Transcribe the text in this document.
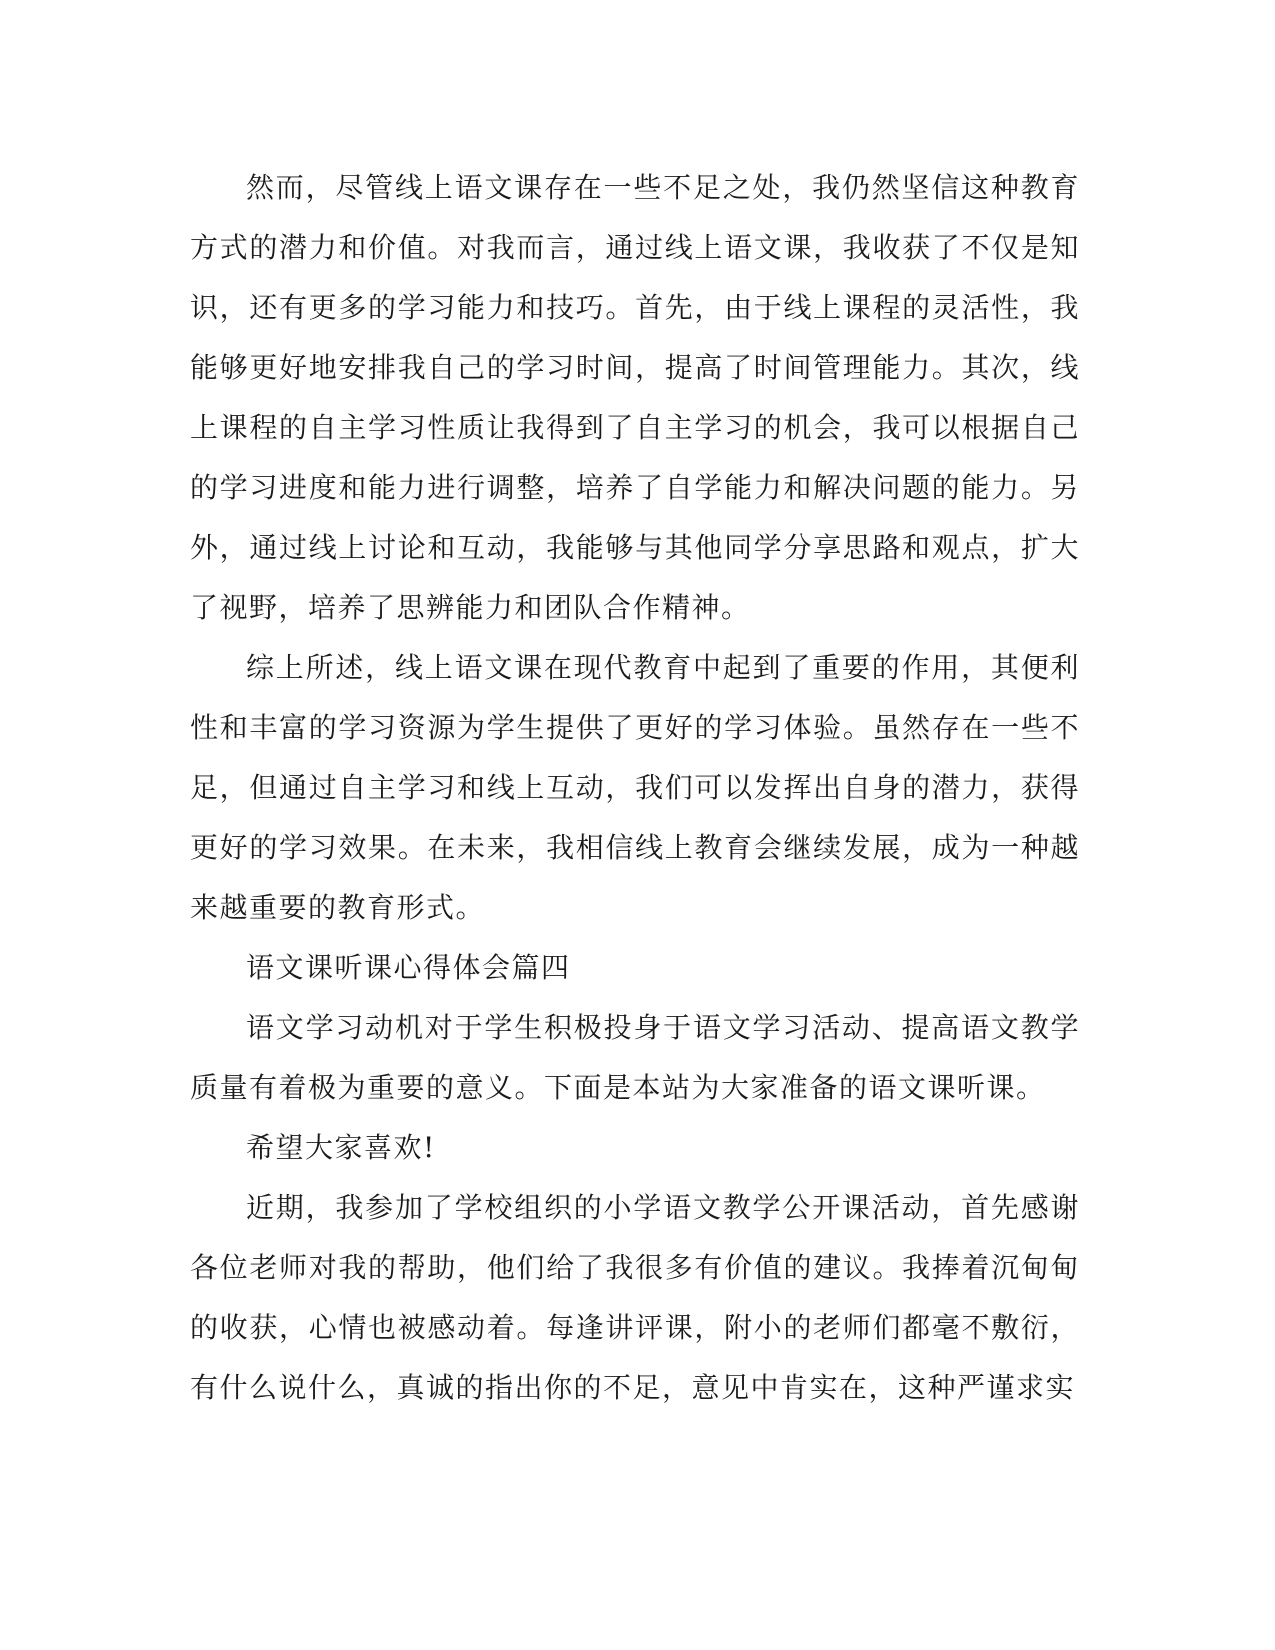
然而，尽管线上语文课存在一些不足之处，我仍然坚信这种教育方式的潜力和价值。对我而言，通过线上语文课，我收获了不仅是知识，还有更多的学习能力和技巧。首先，由于线上课程的灵活性，我能够更好地安排我自己的学习时间，提高了时间管理能力。其次，线上课程的自主学习性质让我得到了自主学习的机会，我可以根据自己的学习进度和能力进行调整，培养了自学能力和解决问题的能力。另外，通过线上讨论和互动，我能够与其他同学分享思路和观点，扩大了视野，培养了思辨能力和团队合作精神。

综上所述，线上语文课在现代教育中起到了重要的作用，其便利性和丰富的学习资源为学生提供了更好的学习体验。虽然存在一些不足，但通过自主学习和线上互动，我们可以发挥出自身的潜力，获得更好的学习效果。在未来，我相信线上教育会继续发展，成为一种越来越重要的教育形式。

语文课听课心得体会篇四

语文学习动机对于学生积极投身于语文学习活动、提高语文教学质量有着极为重要的意义。下面是本站为大家准备的语文课听课。

希望大家喜欢!

近期，我参加了学校组织的小学语文教学公开课活动，首先感谢各位老师对我的帮助，他们给了我很多有价值的建议。我捧着沉甸甸的收获，心情也被感动着。每逢讲评课，附小的老师们都毫不敷衍，有什么说什么，真诚的指出你的不足，意见中肯实在，这种严谨求实
